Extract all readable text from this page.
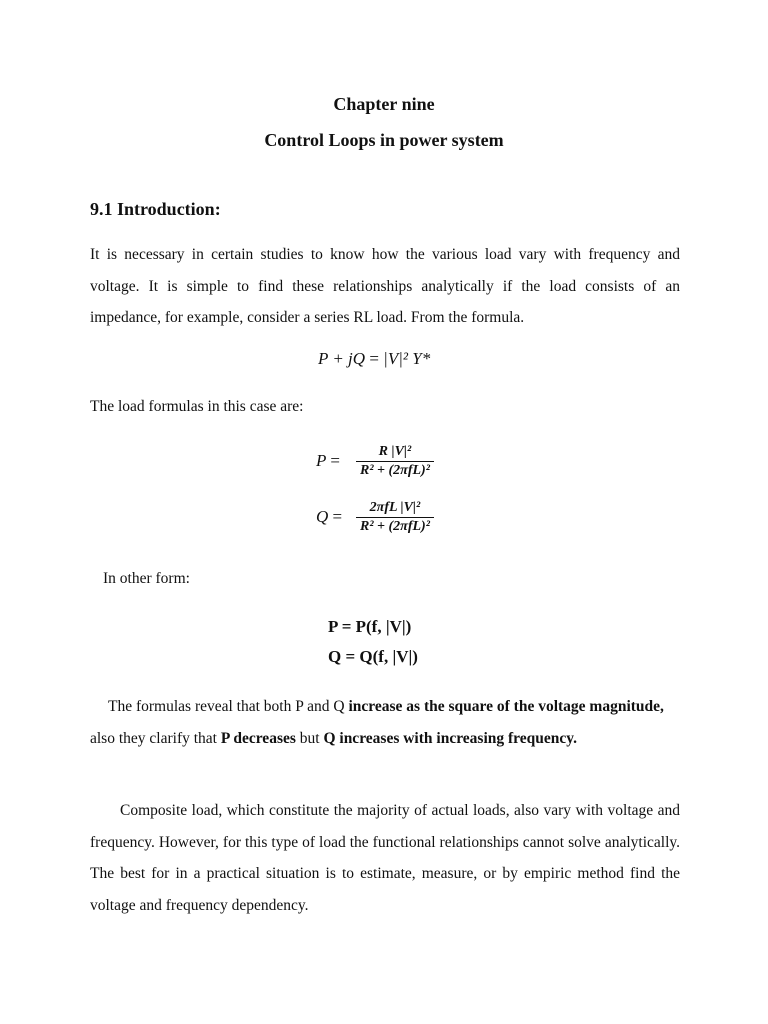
Chapter nine
Control Loops in power system
9.1 Introduction:

It is necessary in certain studies to know how the various load vary with frequency and voltage. It is simple to find these relationships analytically if the load consists of an impedance, for example, consider a series RL load. From the formula.

P + jQ = |V|² Y*

The load formulas in this case are:

P =	$\frac{\text{R |V|²}}{\text{R² + (2πfL)²}}$
$Q = \frac{\text{2πfL |V|²}}{\text{R² + (2πfL)²}}$

In other form:

P = P(f, |V|)
Q = Q(f, |V|)

The formulas reveal that both P and Q increase as the square of the voltage magnitude, also they clarify that P decreases but Q increases with increasing frequency.

Composite load, which constitute the majority of actual loads, also vary with voltage and frequency. However, for this type of load the functional relationships cannot solve analytically. The best for in a practical situation is to estimate, measure, or by empiric method find the voltage and frequency dependency.
